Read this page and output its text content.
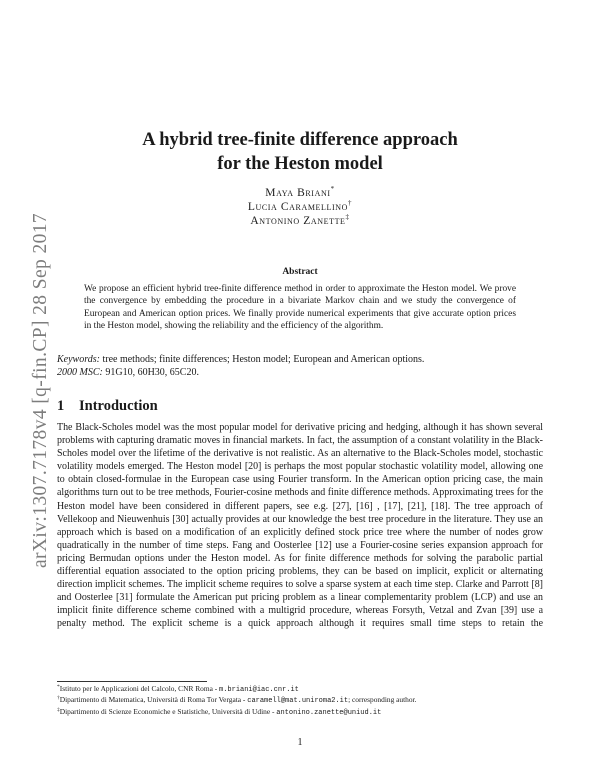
arXiv:1307.7178v4 [q-fin.CP] 28 Sep 2017
A hybrid tree-finite difference approach
for the Heston model
Maya Briani*
Lucia Caramellino†
Antonino Zanette‡
Abstract
We propose an efficient hybrid tree-finite difference method in order to approximate the Heston model. We prove the convergence by embedding the procedure in a bivariate Markov chain and we study the convergence of European and American option prices. We finally provide numerical experiments that give accurate option prices in the Heston model, showing the reliability and the efficiency of the algorithm.
Keywords: tree methods; finite differences; Heston model; European and American options.
2000 MSC: 91G10, 60H30, 65C20.
1 Introduction
The Black-Scholes model was the most popular model for derivative pricing and hedging, although it has shown several problems with capturing dramatic moves in financial markets. In fact, the assumption of a constant volatility in the Black-Scholes model over the lifetime of the derivative is not realistic. As an alternative to the Black-Scholes model, stochastic volatility models emerged. The Heston model [20] is perhaps the most popular stochastic volatility model, allowing one to obtain closed-formulae in the European case using Fourier transform. In the American option pricing case, the main algorithms turn out to be tree methods, Fourier-cosine methods and finite difference methods. Approximating trees for the Heston model have been considered in different papers, see e.g. [27], [16] , [17], [21], [18]. The tree approach of Vellekoop and Nieuwenhuis [30] actually provides at our knowledge the best tree procedure in the literature. They use an approach which is based on a modification of an explicitly defined stock price tree where the number of nodes grow quadratically in the number of time steps. Fang and Oosterlee [12] use a Fourier-cosine series expansion approach for pricing Bermudan options under the Heston model. As for finite difference methods for solving the parabolic partial differential equation associated to the option pricing problems, they can be based on implicit, explicit or alternating direction implicit schemes. The implicit scheme requires to solve a sparse system at each time step. Clarke and Parrott [8] and Oosterlee [31] formulate the American put pricing problem as a linear complementarity problem (LCP) and use an implicit finite difference scheme combined with a multigrid procedure, whereas Forsyth, Vetzal and Zvan [39] use a penalty method. The explicit scheme is a quick approach although it requires small time steps to retain the
*Istituto per le Applicazioni del Calcolo, CNR Roma - m.briani@iac.cnr.it
†Dipartimento di Matematica, Università di Roma Tor Vergata - caramell@mat.uniroma2.it; corresponding author.
‡Dipartimento di Scienze Economiche e Statistiche, Università di Udine - antonino.zanette@uniud.it
1
